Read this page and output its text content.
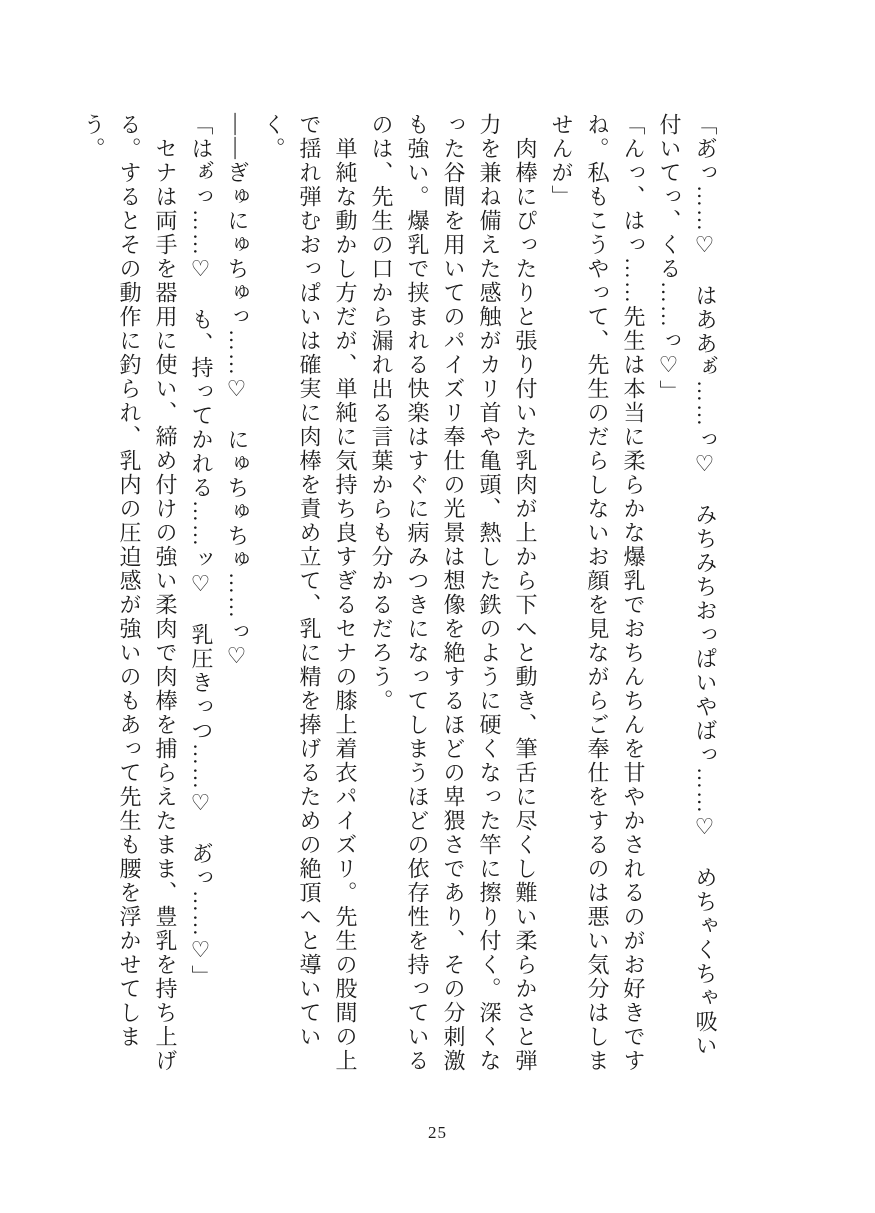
「あ゙っ……♡　はああぁ゙……っ♡　みちみちおっぱいやばっ……♡　めちゃくちゃ吸い付いてっ、くる……っ♡」

「んっ、はっ……先生は本当に柔らかな爆乳でおちんちんを甘やかされるのがお好きですね。私もこうやって、先生のだらしないお顔を見ながらご奉仕をするのは悪い気分はしませんが」

　肉棒にぴったりと張り付いた乳肉が上から下へと動き、筆舌に尽くし難い柔らかさと弾力を兼ね備えた感触がカリ首や亀頭、熱した鉄のように硬くなった竿に擦り付く。深くなった谷間を用いてのパイズリ奉仕の光景は想像を絶するほどの卑猥さであり、その分刺激も強い。爆乳で挟まれる快楽はすぐに病みつきになってしまうほどの依存性を持っているのは、先生の口から漏れ出る言葉からも分かるだろう。

　単純な動かし方だが、単純に気持ち良すぎるセナの膝上着衣パイズリ。先生の股間の上で揺れ弾むおっぱいは確実に肉棒を責め立て、乳に精を捧げるための絶頂へと導いていく。

――ぎゅにゅちゅっ……♡　にゅちゅちゅ……っ♡

「はぁ゙っ……♡　も、持ってかれる……ッ♡　乳圧きっつ……♡　あ゙っ……♡」

　セナは両手を器用に使い、締め付けの強い柔肉で肉棒を捕らえたまま、豊乳を持ち上げる。するとその動作に釣られ、乳内の圧迫感が強いのもあって先生も腰を浮かせてしまう。

25
